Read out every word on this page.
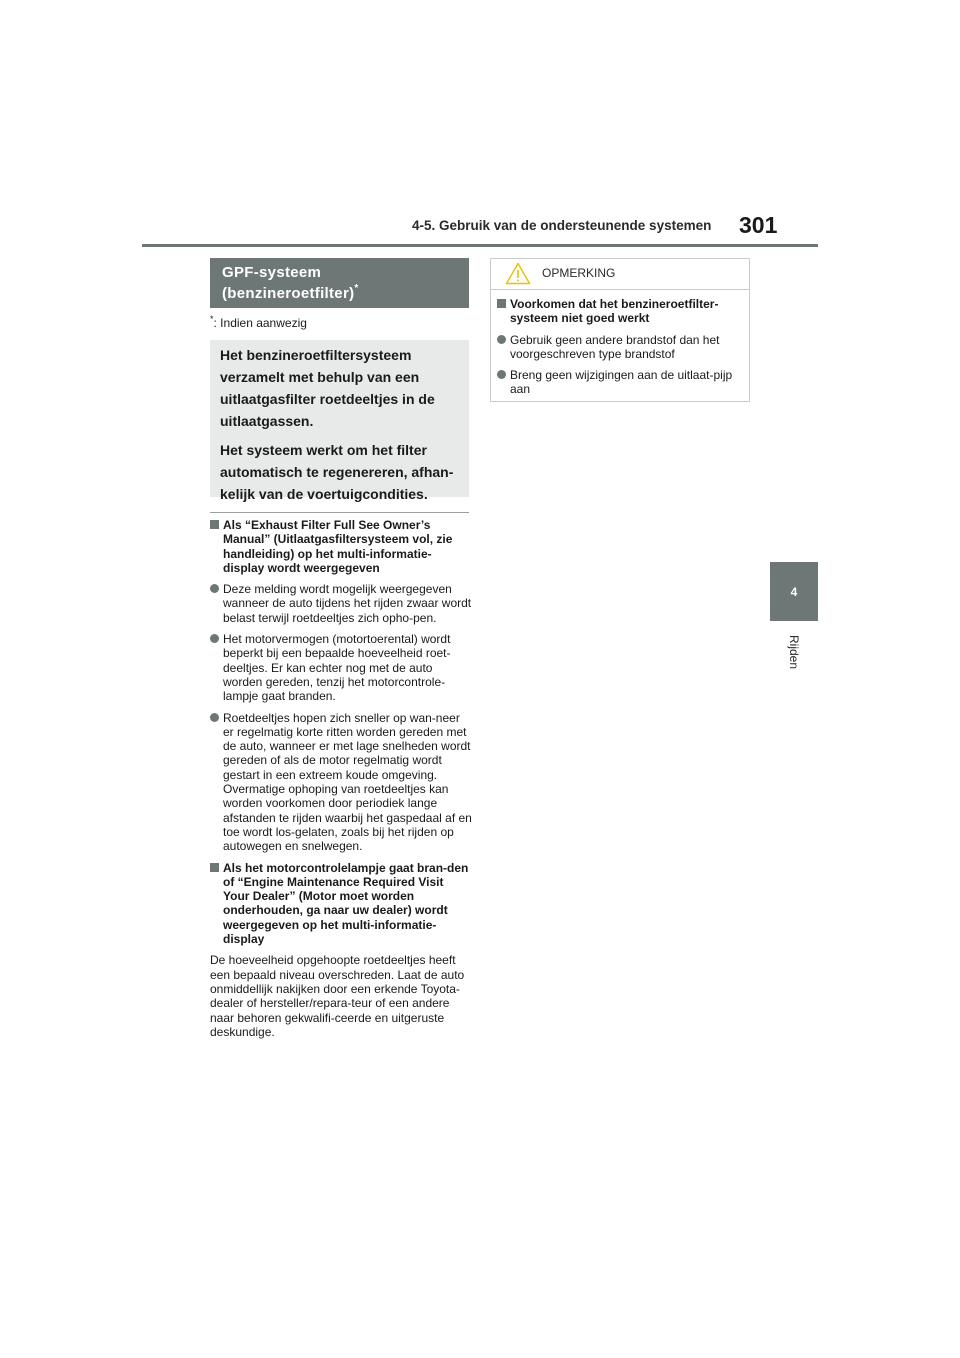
4-5. Gebruik van de ondersteunende systemen 301
4
Rijden
GPF-systeem
(benzineroetfilter)*
*: Indien aanwezig

Het benzineroetfiltersysteem verzamelt met behulp van een uitlaatgasfilter roetdeeltjes in de uitlaatgassen.

Het systeem werkt om het filter automatisch te regenereren, afhan-kelijk van de voertuigcondities.

Als “Exhaust Filter Full See Owner’s Manual” (Uitlaatgasfiltersysteem vol, zie handleiding) op het multi-informatie-display wordt weergegeven
Deze melding wordt mogelijk weergegeven wanneer de auto tijdens het rijden zwaar wordt belast terwijl roetdeeltjes zich opho-pen.
Het motorvermogen (motortoerental) wordt beperkt bij een bepaalde hoeveelheid roet-deeltjes. Er kan echter nog met de auto worden gereden, tenzij het motorcontrole-lampje gaat branden.
Roetdeeltjes hopen zich sneller op wan-neer er regelmatig korte ritten worden gereden met de auto, wanneer er met lage snelheden wordt gereden of als de motor regelmatig wordt gestart in een extreem koude omgeving. Overmatige ophoping van roetdeeltjes kan worden voorkomen door periodiek lange afstanden te rijden waarbij het gaspedaal af en toe wordt los-gelaten, zoals bij het rijden op autowegen en snelwegen.
Als het motorcontrolelampje gaat bran-den of “Engine Maintenance Required Visit Your Dealer” (Motor moet worden onderhouden, ga naar uw dealer) wordt weergegeven op het multi-informatie-display

De hoeveelheid opgehoopte roetdeeltjes heeft een bepaald niveau overschreden. Laat de auto onmiddellijk nakijken door een erkende Toyota-dealer of hersteller/repara-teur of een andere naar behoren gekwalifi-ceerde en uitgeruste deskundige.

OPMERKING
Voorkomen dat het benzineroetfilter-systeem niet goed werkt
Gebruik geen andere brandstof dan het voorgeschreven type brandstof
Breng geen wijzigingen aan de uitlaat-pijp aan
